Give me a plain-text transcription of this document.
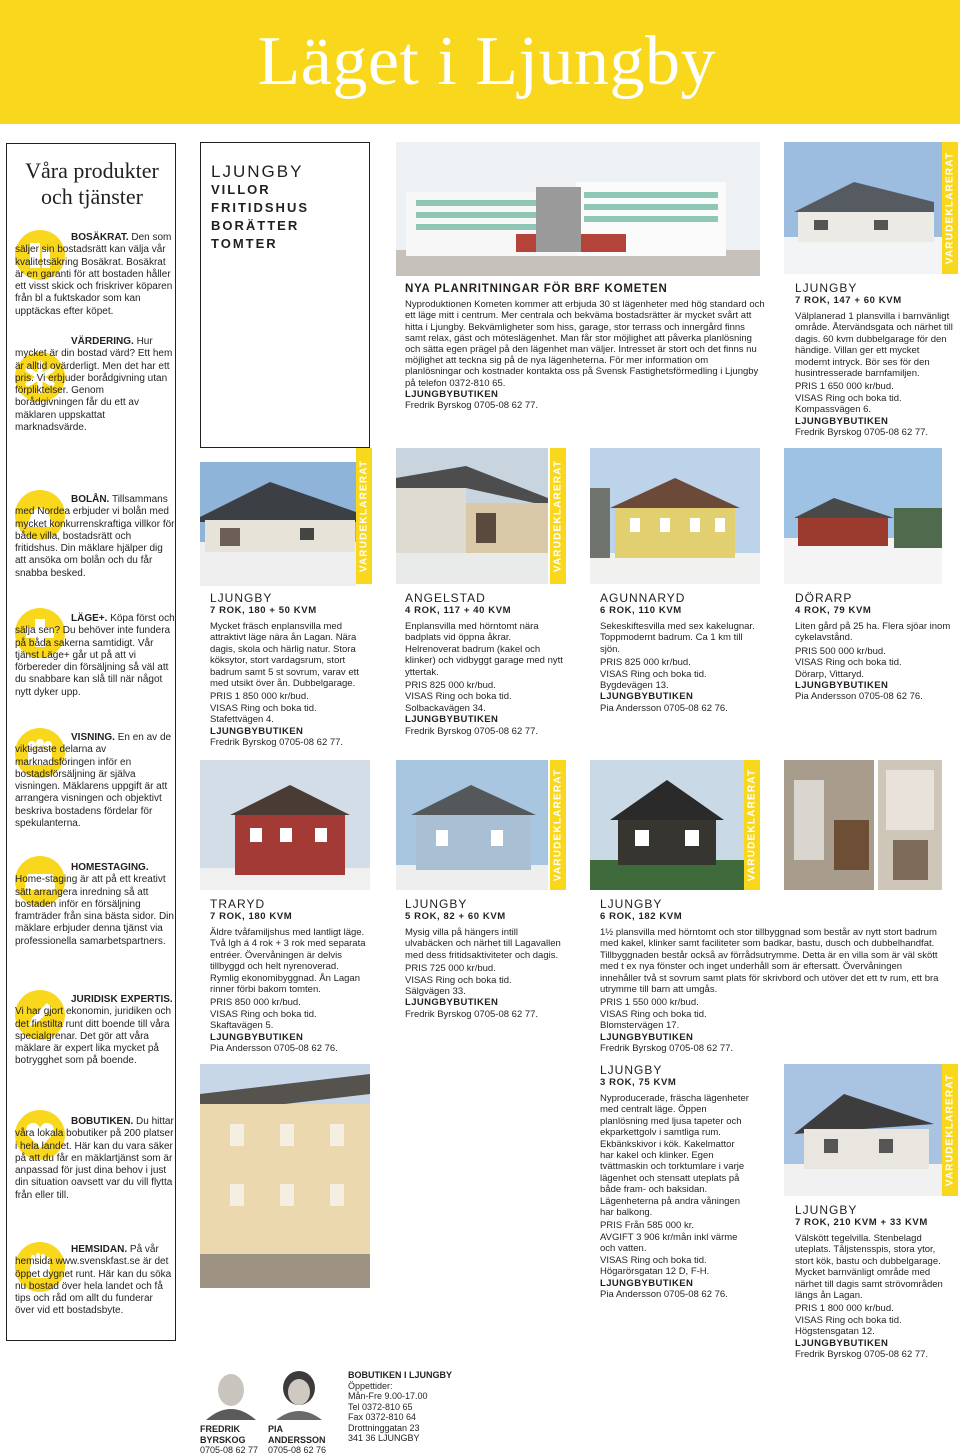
Läget i Ljungby
Våra produkter
och tjänster
BOSÄKRAT. Den som säljer sin bostadsrätt kan välja vår kvalitetsäkring Bosäkrat. Bosäkrat är en garanti för att bostaden håller ett visst skick och friskriver köparen från bl a fuktskador som kan upptäckas efter köpet.
VÄRDERING. Hur mycket är din bostad värd? Ett hem är alltid ovärderligt. Men det har ett pris. Vi erbjuder borådgivning utan förpliktelser. Genom borådgivningen får du ett av mäklaren uppskattat marknadsvärde.
BOLÅN. Tillsammans med Nordea erbjuder vi bolån med mycket konkurrenskraftiga villkor för både villa, bostadsrätt och fritidshus. Din mäklare hjälper dig att ansöka om bolån och du får snabba besked.
LÄGE+. Köpa först och sälja sen? Du behöver inte fundera på båda sakerna samtidigt. Vår tjänst Läge+ går ut på att vi förbereder din försäljning så väl att du snabbare kan slå till när något nytt dyker upp.
VISNING. En en av de viktigaste delarna av marknadsföringen inför en bostadsförsäljning är själva visningen. Mäklarens uppgift är att arrangera visningen och objektivt beskriva bostadens fördelar för spekulanterna.
HOMESTAGING. Home-staging är att på ett kreativt sätt arrangera inredning så att bostaden inför en försäljning framträder från sina bästa sidor. Din mäklare erbjuder denna tjänst via professionella samarbetspartners.
JURIDISK EXPERTIS. Vi har gjort ekonomin, juridiken och det finstilta runt ditt boende till våra specialgrenar. Det gör att våra mäklare är expert lika mycket på botrygghet som på boende.
BOBUTIKEN. Du hittar våra lokala bobutiker på 200 platser i hela landet. Här kan du vara säker på att du får en mäklartjänst som är anpassad för just dina behov i just din situation oavsett var du vill flytta från eller till.
HEMSIDAN. På vår hemsida www.svenskfast.se är det öppet dygnet runt. Här kan du söka nu bostad över hela landet och få tips och råd om allt du funderar över vid ett bostadsbyte.
LJUNGBY
VILLOR
FRITIDSHUS
BORÄTTER
TOMTER
NYA PLANRITNINGAR FÖR BRF KOMETEN
Nyproduktionen Kometen kommer att erbjuda 30 st lägenheter med hög standard och ett läge mitt i centrum. Mer centrala och bekväma bostadsrätter är mycket svårt att hitta i Ljungby. Bekvämligheter som hiss, garage, stor terrass och innergård finns samt relax, gäst och möteslägenhet. Man får stor möjlighet att påverka planlösning och sätta egen prägel på den lägenhet man väljer. Intresset är stort och det finns nu möjlighet att teckna sig på de nya lägenheterna. För mer information om planlösningar och kostnader kontakta oss på Svensk Fastighetsförmedling i Ljungby på telefon 0372-810 65.
LJUNGBYBUTIKEN
Fredrik Byrskog 0705-08 62 77.
VARUDEKLARERAT
VARUDEKLARERAT	VARUDEKLARERAT
VARUDEKLARERAT	VARUDEKLARERAT
VARUDEKLARERAT
LJUNGBY
7 ROK, 147 + 60 KVM
Välplanerad 1 plansvilla i barnvänligt område. Återvändsgata och närhet till dagis. 60 kvm dubbelgarage för den händige. Villan ger ett mycket modernt intryck. Bör ses för den husintresserade barnfamiljen.
PRIS 1 650 000 kr/bud.
VISAS Ring och boka tid.
Kompassvägen 6.
LJUNGBYBUTIKEN
Fredrik Byrskog 0705-08 62 77.
LJUNGBY
7 ROK, 180 + 50 KVM
Mycket fräsch enplansvilla med attraktivt läge nära ån Lagan. Nära dagis, skola och härlig natur. Stora köksytor, stort vardagsrum, stort badrum samt 5 st sovrum, varav ett med utsikt över ån. Dubbelgarage.
PRIS 1 850 000 kr/bud.
VISAS Ring och boka tid.
Stafettvägen 4.
LJUNGBYBUTIKEN
Fredrik Byrskog 0705-08 62 77.
ANGELSTAD
4 ROK, 117 + 40 KVM
Enplansvilla med hörntomt nära badplats vid öppna åkrar. Helrenoverat badrum (kakel och klinker) och vidbyggt garage med nytt yttertak.
PRIS 825 000 kr/bud.
VISAS Ring och boka tid.
Solbackavägen 34.
LJUNGBYBUTIKEN
Fredrik Byrskog 0705-08 62 77.
AGUNNARYD
6 ROK, 110 KVM
Sekeskiftesvilla med sex kakelugnar. Toppmodernt badrum. Ca 1 km till sjön.
PRIS 825 000 kr/bud.
VISAS Ring och boka tid.
Bygdevägen 13.
LJUNGBYBUTIKEN
Pia Andersson 0705-08 62 76.
DÖRARP
4 ROK, 79 KVM
Liten gård på 25 ha. Flera sjöar inom cykelavstånd.
PRIS 500 000 kr/bud.
VISAS Ring och boka tid.
Dörarp, Vittaryd.
LJUNGBYBUTIKEN
Pia Andersson 0705-08 62 76.
TRARYD
7 ROK, 180 KVM
Äldre tvåfamiljshus med lantligt läge. Två lgh á 4 rok + 3 rok med separata entréer. Övervåningen är delvis tillbyggd och helt nyrenoverad. Rymlig ekonomibyggnad. Ån Lagan rinner förbi bakom tomten.
PRIS 850 000 kr/bud.
VISAS Ring och boka tid.
Skaftavägen 5.
LJUNGBYBUTIKEN
Pia Andersson 0705-08 62 76.
LJUNGBY
5 ROK, 82 + 60 KVM
Mysig villa på hängers intill ulvabäcken och närhet till Lagavallen med dess fritidsaktiviteter och dagis.
PRIS 725 000 kr/bud.
VISAS Ring och boka tid.
Sälgvägen 33.
LJUNGBYBUTIKEN
Fredrik Byrskog 0705-08 62 77.
LJUNGBY
6 ROK, 182 KVM
1½ plansvilla med hörntomt och stor tillbyggnad som består av nytt stort badrum med kakel, klinker samt faciliteter som badkar, bastu, dusch och dubbelhandfat. Tillbyggnaden består också av förrådsutrymme. Detta är en villa som är väl skött med t ex nya fönster och inget underhåll som är eftersatt. Övervåningen innehåller två st sovrum samt plats för skrivbord och utöver det ett tv rum, ett bra utrymme till barn att umgås.
PRIS 1 550 000 kr/bud.
VISAS Ring och boka tid.
Blomstervägen 17.
LJUNGBYBUTIKEN
Fredrik Byrskog 0705-08 62 77.
LJUNGBY
3 ROK, 75 KVM
Nyproducerade, fräscha lägenheter med centralt läge. Öppen planlösning med ljusa tapeter och ekparkettgolv i samtliga rum. Ekbänkskivor i kök. Kakelmattor har kakel och klinker. Egen tvättmaskin och torktumlare i varje lägenhet och stensatt uteplats på både fram- och baksidan. Lägenheterna på andra våningen har balkong.
PRIS Från 585 000 kr.
AVGIFT 3 906 kr/mån inkl värme och vatten.
VISAS Ring och boka tid.
Högarörsgatan 12 D, F-H.
LJUNGBYBUTIKEN
Pia Andersson 0705-08 62 76.
LJUNGBY
7 ROK, 210 KVM + 33 KVM
Välskött tegelvilla. Stenbelagd uteplats. Tåljstensspis, stora ytor, stort kök, bastu och dubbelgarage. Mycket barnvänligt område med närhet till dagis samt strövområden längs ån Lagan.
PRIS 1 800 000 kr/bud.
VISAS Ring och boka tid.
Högstensgatan 12.
LJUNGBYBUTIKEN
Fredrik Byrskog 0705-08 62 77.
FREDRIK
BYRSKOG
0705-08 62 77
PIA
ANDERSSON
0705-08 62 76
BOBUTIKEN I LJUNGBY
Öppettider:
Mån-Fre 9.00-17.00
Tel 0372-810 65
Fax 0372-810 64
Drottninggatan 23
341 36 LJUNGBY
